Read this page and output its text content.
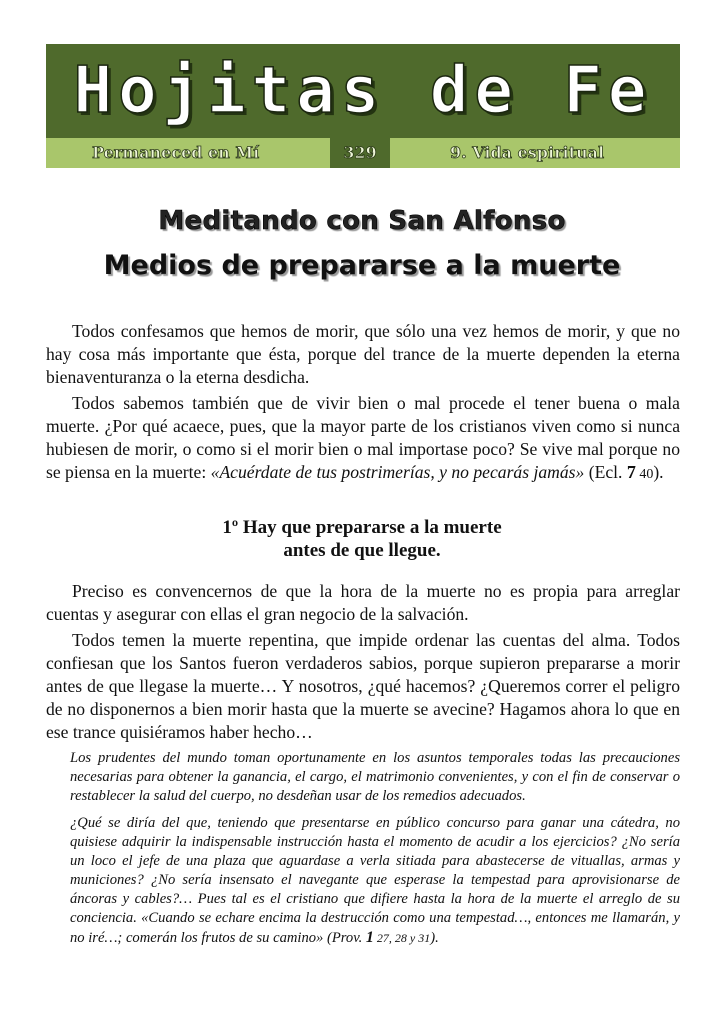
Hojitas de Fe
Permaneced en Mí	329	9. Vida espiritual
Meditando con San Alfonso
Medios de prepararse a la muerte

Todos confesamos que hemos de morir, que sólo una vez hemos de morir, y que no hay cosa más importante que ésta, porque del trance de la muerte dependen la eterna bienaventuranza o la eterna desdicha.

Todos sabemos también que de vivir bien o mal procede el tener buena o mala muerte. ¿Por qué acaece, pues, que la mayor parte de los cristianos viven como si nunca hubiesen de morir, o como si el morir bien o mal importase poco? Se vive mal porque no se piensa en la muerte: «Acuérdate de tus postrimerías, y no pecarás jamás» (Ecl. 7 40).

1º Hay que prepararse a la muerte
antes de que llegue.

Preciso es convencernos de que la hora de la muerte no es propia para arreglar cuentas y asegurar con ellas el gran negocio de la salvación.

Todos temen la muerte repentina, que impide ordenar las cuentas del alma. Todos confiesan que los Santos fueron verdaderos sabios, porque supieron prepararse a morir antes de que llegase la muerte… Y nosotros, ¿qué hacemos? ¿Queremos correr el peligro de no disponernos a bien morir hasta que la muerte se avecine? Hagamos ahora lo que en ese trance quisiéramos haber hecho…

Los prudentes del mundo toman oportunamente en los asuntos temporales todas las precauciones necesarias para obtener la ganancia, el cargo, el matrimonio convenientes, y con el fin de conservar o restablecer la salud del cuerpo, no desdeñan usar de los remedios adecuados.

¿Qué se diría del que, teniendo que presentarse en público concurso para ganar una cátedra, no quisiese adquirir la indispensable instrucción hasta el momento de acudir a los ejercicios? ¿No sería un loco el jefe de una plaza que aguardase a verla sitiada para abastecerse de vituallas, armas y municiones? ¿No sería insensato el navegante que esperase la tempestad para aprovisionarse de áncoras y cables?… Pues tal es el cristiano que difiere hasta la hora de la muerte el arreglo de su conciencia. «Cuando se echare encima la destrucción como una tempestad…, entonces me llamarán, y no iré…; comerán los frutos de su camino» (Prov. 1 27, 28 y 31).
